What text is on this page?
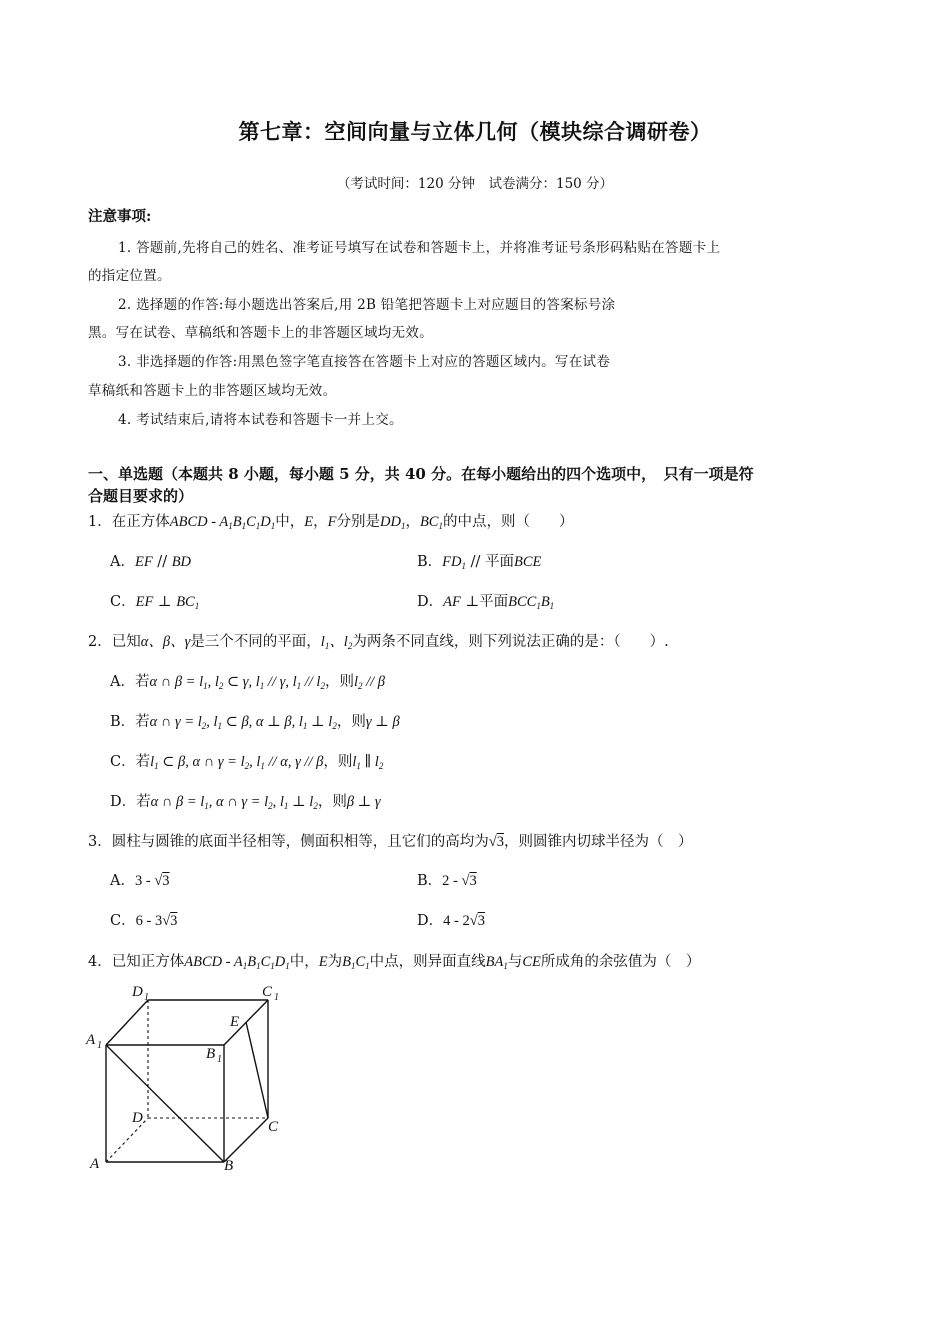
第七章：空间向量与立体几何（模块综合调研卷）
（考试时间：120 分钟　试卷满分：150 分）
注意事项:
1. 答题前,先将自己的姓名、准考证号填写在试卷和答题卡上，并将准考证号条形码粘贴在答题卡上
的指定位置。
2. 选择题的作答:每小题选出答案后,用 2B 铅笔把答题卡上对应题目的答案标号涂
黑。写在试卷、草稿纸和答题卡上的非答题区域均无效。
3. 非选择题的作答:用黑色签字笔直接答在答题卡上对应的答题区域内。写在试卷
草稿纸和答题卡上的非答题区域均无效。
4. 考试结束后,请将本试卷和答题卡一并上交。
一、单选题（本题共 8 小题，每小题 5 分，共 40 分。在每小题给出的四个选项中，　只有一项是符
合题目要求的）
1．在正方体ABCD - $A_1B_1C_1D_1$中，E，F分别是$DD_1$，$BC_1$的中点，则（　　）
A．EF // BD	B．$FD_1$ // 平面BCE
C．EF ⊥ $BC_1$	D．AF ⊥平面$BCC_1B_1$
2．已知α、β、γ是三个不同的平面，$l_1$、$l_2$为两条不同直线，则下列说法正确的是：（　　）.
A．若α ∩ $\beta = l_1$, $l_2$ ⊂ γ, $l_1$ // γ, $l_1 // l_2$，则$l_2$ // β
B．若α ∩ $\gamma = l_2$, $l_1$ ⊂ β, α ⊥ β, $l_1$ ⊥ $l_2$，则γ ⊥ β
C．若$l_1$ ⊂ β, α ∩ $\gamma = l_2$, $l_1$ // α, γ // β，则$l_1$ ∥ $l_2$
D．若α ∩ $\beta = l_1$, α ∩ $\gamma = l_2$, $l_1$ ⊥ $l_2$，则β ⊥ γ
3．圆柱与圆锥的底面半径相等，侧面积相等，且它们的高均为√3，则圆锥内切球半径为（　）
A．3 - √3	B．2 - √3
C．6 - 3√3	D．4 - 2√3
4．已知正方体ABCD - $A_1B_1C_1D_1$中，E为$B_1C_1$中点，则异面直线$BA_1$与CE所成角的余弦值为（　）
D 1	C 1
E
A 1
B 1
D
C
A	B
